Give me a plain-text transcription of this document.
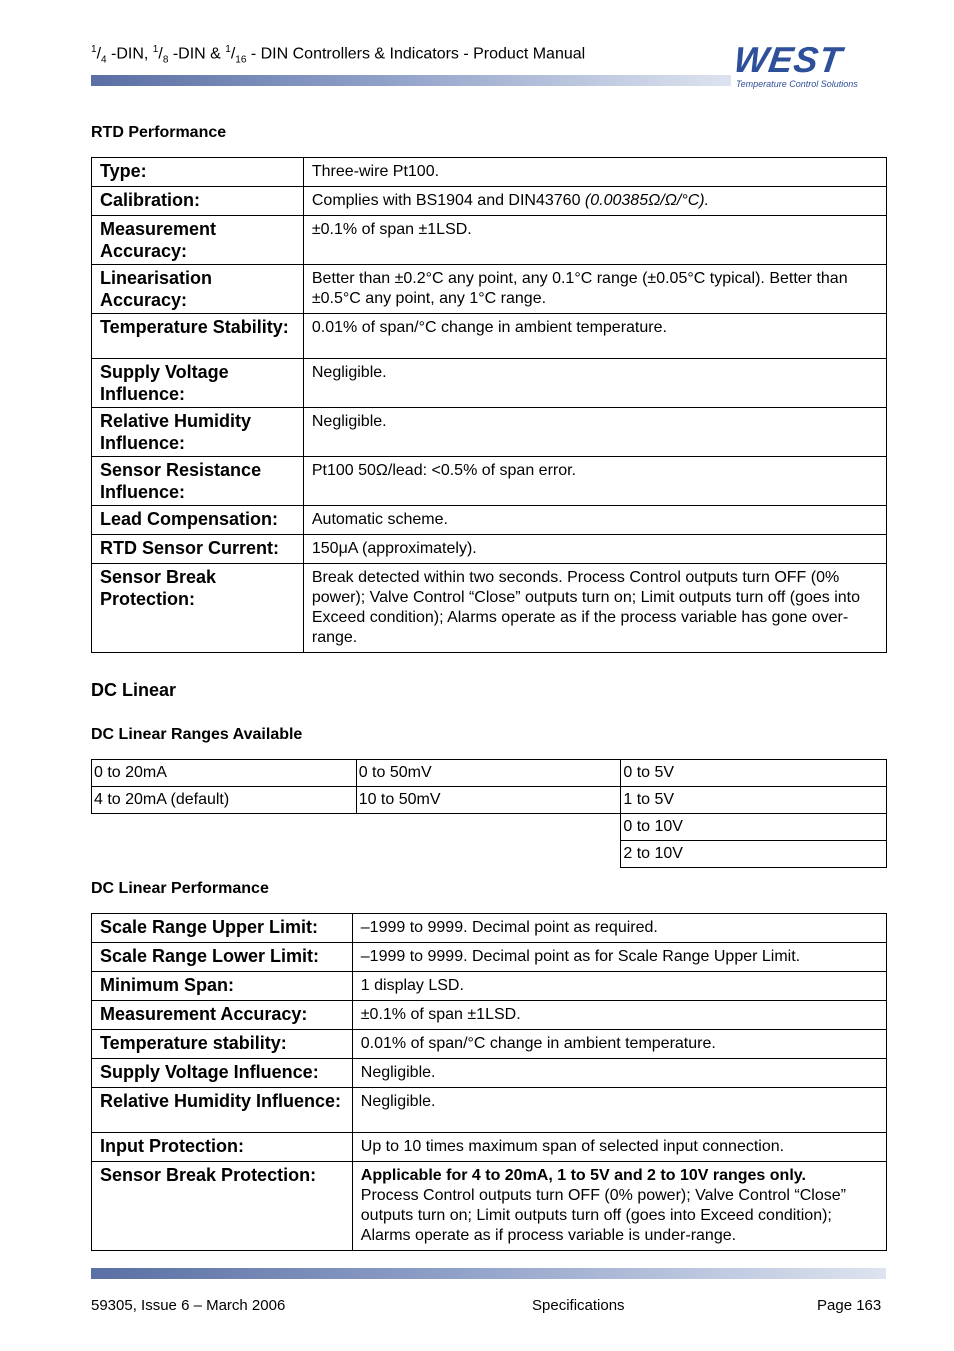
$^1/_4$ -DIN, $^1/_8$ -DIN & $^1/_{16}$ - DIN Controllers & Indicators - Product Manual	WEST
Temperature Control Solutions
RTD Performance
Type:	Three-wire Pt100.
Calibration:	Complies with BS1904 and DIN43760 (0.00385Ω/Ω/°C).
Measurement Accuracy:	±0.1% of span ±1LSD.
Linearisation Accuracy:	Better than ±0.2°C any point, any 0.1°C range (±0.05°C typical). Better than ±0.5°C any point, any 1°C range.
Temperature Stability:	0.01% of span/°C change in ambient temperature.
Supply Voltage Influence:	Negligible.
Relative Humidity Influence:	Negligible.
Sensor Resistance Influence:	Pt100 50Ω/lead: <0.5% of span error.
Lead Compensation:	Automatic scheme.
RTD Sensor Current:	150μA (approximately).
Sensor Break Protection:	Break detected within two seconds. Process Control outputs turn OFF (0% power); Valve Control “Close” outputs turn on; Limit outputs turn off (goes into Exceed condition); Alarms operate as if the process variable has gone over-range.
DC Linear
DC Linear Ranges Available
0 to 20mA	0 to 50mV	0 to 5V
4 to 20mA (default)	10 to 50mV	1 to 5V
		0 to 10V
		2 to 10V
DC Linear Performance
Scale Range Upper Limit:	–1999 to 9999. Decimal point as required.
Scale Range Lower Limit:	–1999 to 9999. Decimal point as for Scale Range Upper Limit.
Minimum Span:	1 display LSD.
Measurement Accuracy:	±0.1% of span ±1LSD.
Temperature stability:	0.01% of span/°C change in ambient temperature.
Supply Voltage Influence:	Negligible.
Relative Humidity Influence:	Negligible.
Input Protection:	Up to 10 times maximum span of selected input connection.
Sensor Break Protection:	Applicable for 4 to 20mA, 1 to 5V and 2 to 10V ranges only.
Process Control outputs turn OFF (0% power); Valve Control “Close” outputs turn on; Limit outputs turn off (goes into Exceed condition); Alarms operate as if process variable is under-range.
59305, Issue 6 – March 2006	Specifications	Page 163
